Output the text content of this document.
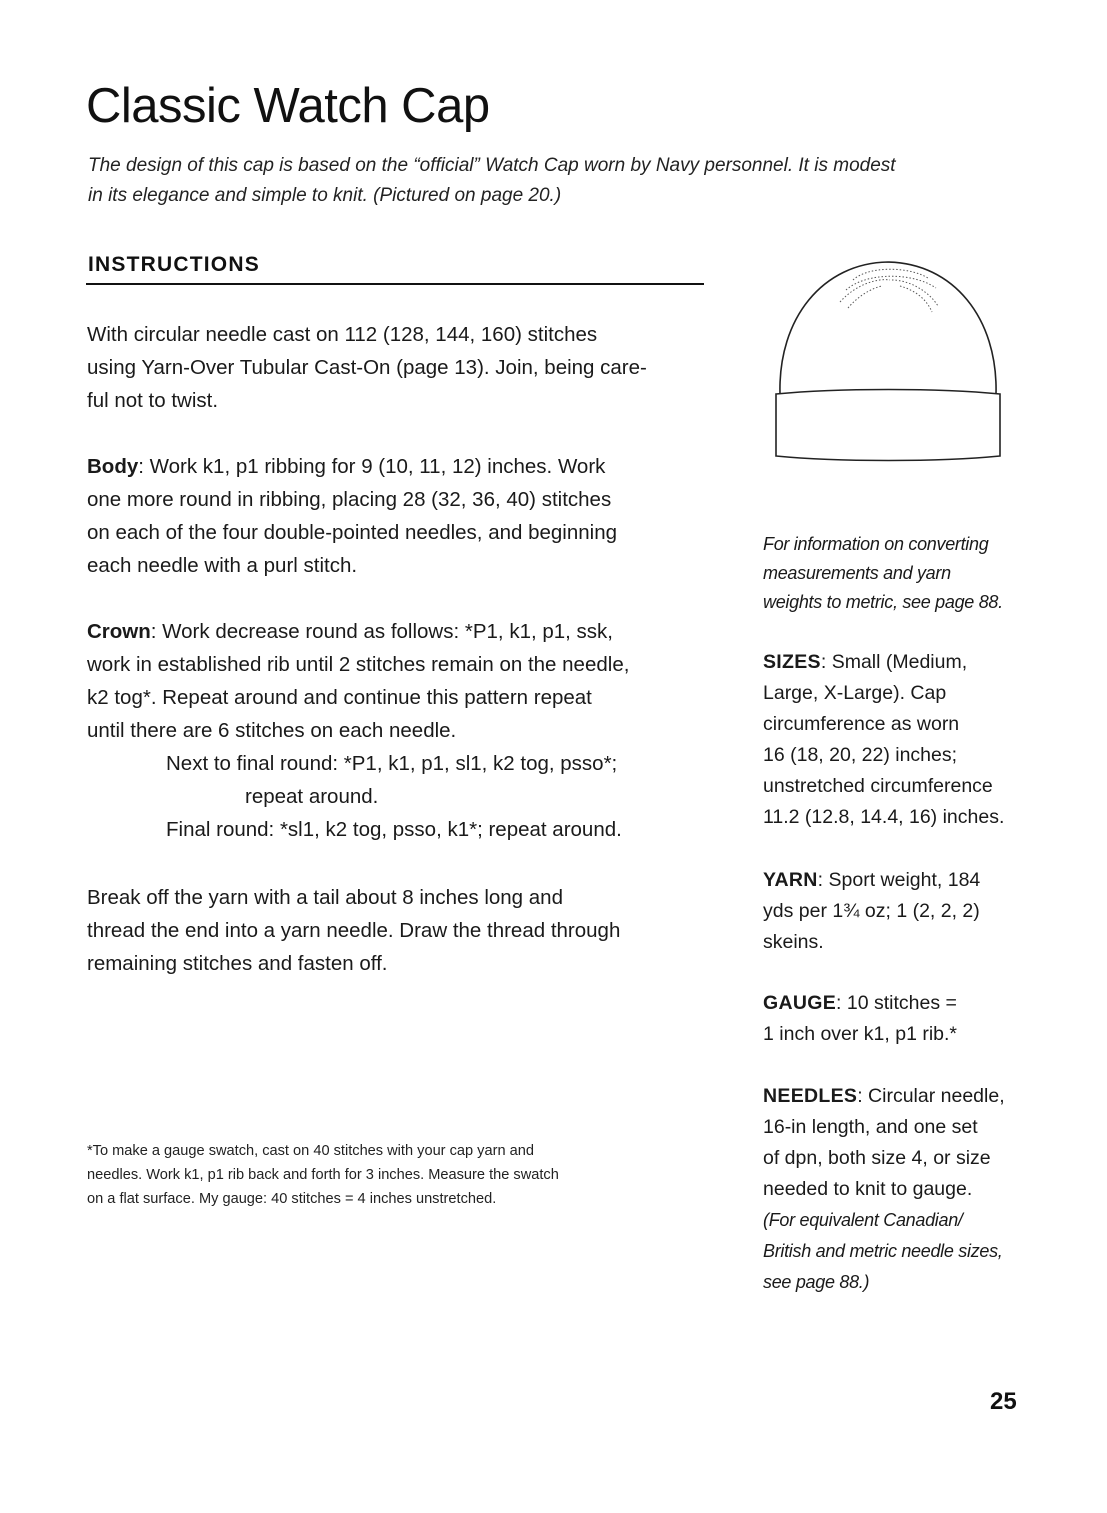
Classic Watch Cap
The design of this cap is based on the “official” Watch Cap worn by Navy personnel. It is modest
in its elegance and simple to knit. (Pictured on page 20.)
INSTRUCTIONS

With circular needle cast on 112 (128, 144, 160) stitches

using Yarn-Over Tubular Cast-On (page 13). Join, being care-

ful not to twist.

Body: Work k1, p1 ribbing for 9 (10, 11, 12) inches. Work

one more round in ribbing, placing 28 (32, 36, 40) stitches

on each of the four double-pointed needles, and beginning

each needle with a purl stitch.

Crown: Work decrease round as follows: *P1, k1, p1, ssk,

work in established rib until 2 stitches remain on the needle,

k2 tog*. Repeat around and continue this pattern repeat

until there are 6 stitches on each needle.

Next to final round: *P1, k1, p1, sl1, k2 tog, psso*;

repeat around.

Final round: *sl1, k2 tog, psso, k1*; repeat around.

Break off the yarn with a tail about 8 inches long and

thread the end into a yarn needle. Draw the thread through

remaining stitches and fasten off.

*To make a gauge swatch, cast on 40 stitches with your cap yarn and
needles. Work k1, p1 rib back and forth for 3 inches. Measure the swatch
on a flat surface. My gauge: 40 stitches = 4 inches unstretched.

For information on converting

measurements and yarn

weights to metric, see page 88.

SIZES: Small (Medium,

Large, X-Large). Cap

circumference as worn

16 (18, 20, 22) inches;

unstretched circumference

11.2 (12.8, 14.4, 16) inches.

YARN: Sport weight, 184

yds per 1¾ oz; 1 (2, 2, 2)

skeins.

GAUGE: 10 stitches =

1 inch over k1, p1 rib.*

NEEDLES: Circular needle,

16-in length, and one set

of dpn, both size 4, or size

needed to knit to gauge.

(For equivalent Canadian/

British and metric needle sizes,

see page 88.)

25
